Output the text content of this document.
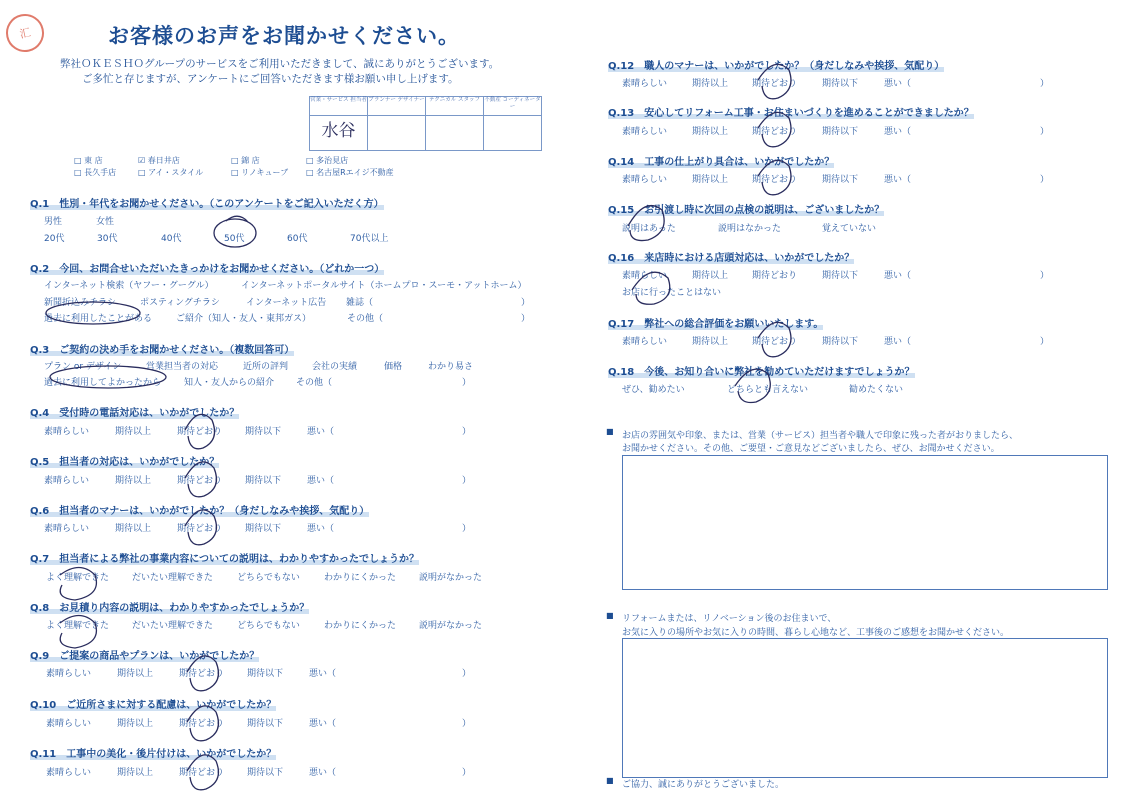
汇	お客様のお声をお聞かせください。
弊社ＯＫＥＳＨＯグループのサービスをご利用いただきまして、誠にありがとうございます。
ご多忙と存じますが、アンケートにご回答いただきます様お願い申し上げます。
営業・サービス 担当者	プランナー デザイナー	テクニカル スタッフ	不動産 コーディネーター
水谷			
□ 東 店	☑ 春日井店	□ 錦 店	□ 多治見店
□ 長久手店	□ アイ・スタイル	□ リノキューブ □ 名古屋Rエイジ不動産
Q.1　性別・年代をお聞かせください。（このアンケートをご記入いただく方）
男性	女性
20代	30代	40代	50代	60代	70代以上
Q.2　今回、お問合せいただいたきっかけをお聞かせください。（どれか一つ）
インターネット検索（ヤフー・グーグル）	インターネットポータルサイト（ホームプロ・スーモ・アットホーム）
新聞折込みチラシ	ポスティングチラシ	インターネット広告 雑誌（	）
過去に利用したことがある	ご紹介（知人・友人・東邦ガス）	その他（	）
Q.3　ご契約の決め手をお聞かせください。（複数回答可）
プラン or デザイン	営業担当者の対応	近所の評判	会社の実績	価格	わかり易さ
過去に利用してよかったから	知人・友人からの紹介 その他（	）
Q.4　受付時の電話対応は、いかがでしたか？
素晴らしい	期待以上	期待どおり	期待以下	悪い（	）
Q.5　担当者の対応は、いかがでしたか？
素晴らしい	期待以上	期待どおり	期待以下	悪い（	）
Q.6　担当者のマナーは、いかがでしたか？（身だしなみや挨拶、気配り）
素晴らしい	期待以上	期待どおり	期待以下	悪い（	）
Q.7　担当者による弊社の事業内容についての説明は、わかりやすかったでしょうか？
よく理解できた	だいたい理解できた	どちらでもない	わかりにくかった	説明がなかった
Q.8　お見積り内容の説明は、わかりやすかったでしょうか？
よく理解できた	だいたい理解できた	どちらでもない	わかりにくかった	説明がなかった
Q.9　ご提案の商品やプランは、いかがでしたか？
素晴らしい	期待以上	期待どおり	期待以下	悪い（	）
Q.10　ご近所さまに対する配慮は、いかがでしたか？
素晴らしい	期待以上	期待どおり	期待以下	悪い（	）
Q.11　工事中の美化・後片付けは、いかがでしたか？
素晴らしい	期待以上	期待どおり	期待以下	悪い（	）
Q.12　職人のマナーは、いかがでしたか？（身だしなみや挨拶、気配り）
素晴らしい	期待以上	期待どおり	期待以下	悪い（	）
Q.13　安心してリフォーム工事・お住まいづくりを進めることができましたか？
素晴らしい	期待以上	期待どおり	期待以下	悪い（	）
Q.14　工事の仕上がり具合は、いかがでしたか？
素晴らしい	期待以上	期待どおり	期待以下	悪い（	）
Q.15　お引渡し時に次回の点検の説明は、ございましたか？
説明はあった	説明はなかった	覚えていない
Q.16　来店時における店頭対応は、いかがでしたか？
素晴らしい	期待以上	期待どおり	期待以下	悪い（	）
お店に行ったことはない
Q.17　弊社への総合評価をお願いいたします。
素晴らしい	期待以上	期待どおり	期待以下	悪い（	）
Q.18　今後、お知り合いに弊社を勧めていただけますでしょうか？
ぜひ、勧めたい	どちらとも言えない	勧めたくない
■ お店の雰囲気や印象、または、営業（サービス）担当者や職人で印象に残った者がおりましたら、
お聞かせください。その他、ご要望・ご意見などございましたら、ぜひ、お聞かせください。
■ リフォームまたは、リノベーション後のお住まいで、
お気に入りの場所やお気に入りの時間、暮らし心地など、工事後のご感想をお聞かせください。
■ ご協力、誠にありがとうございました。
